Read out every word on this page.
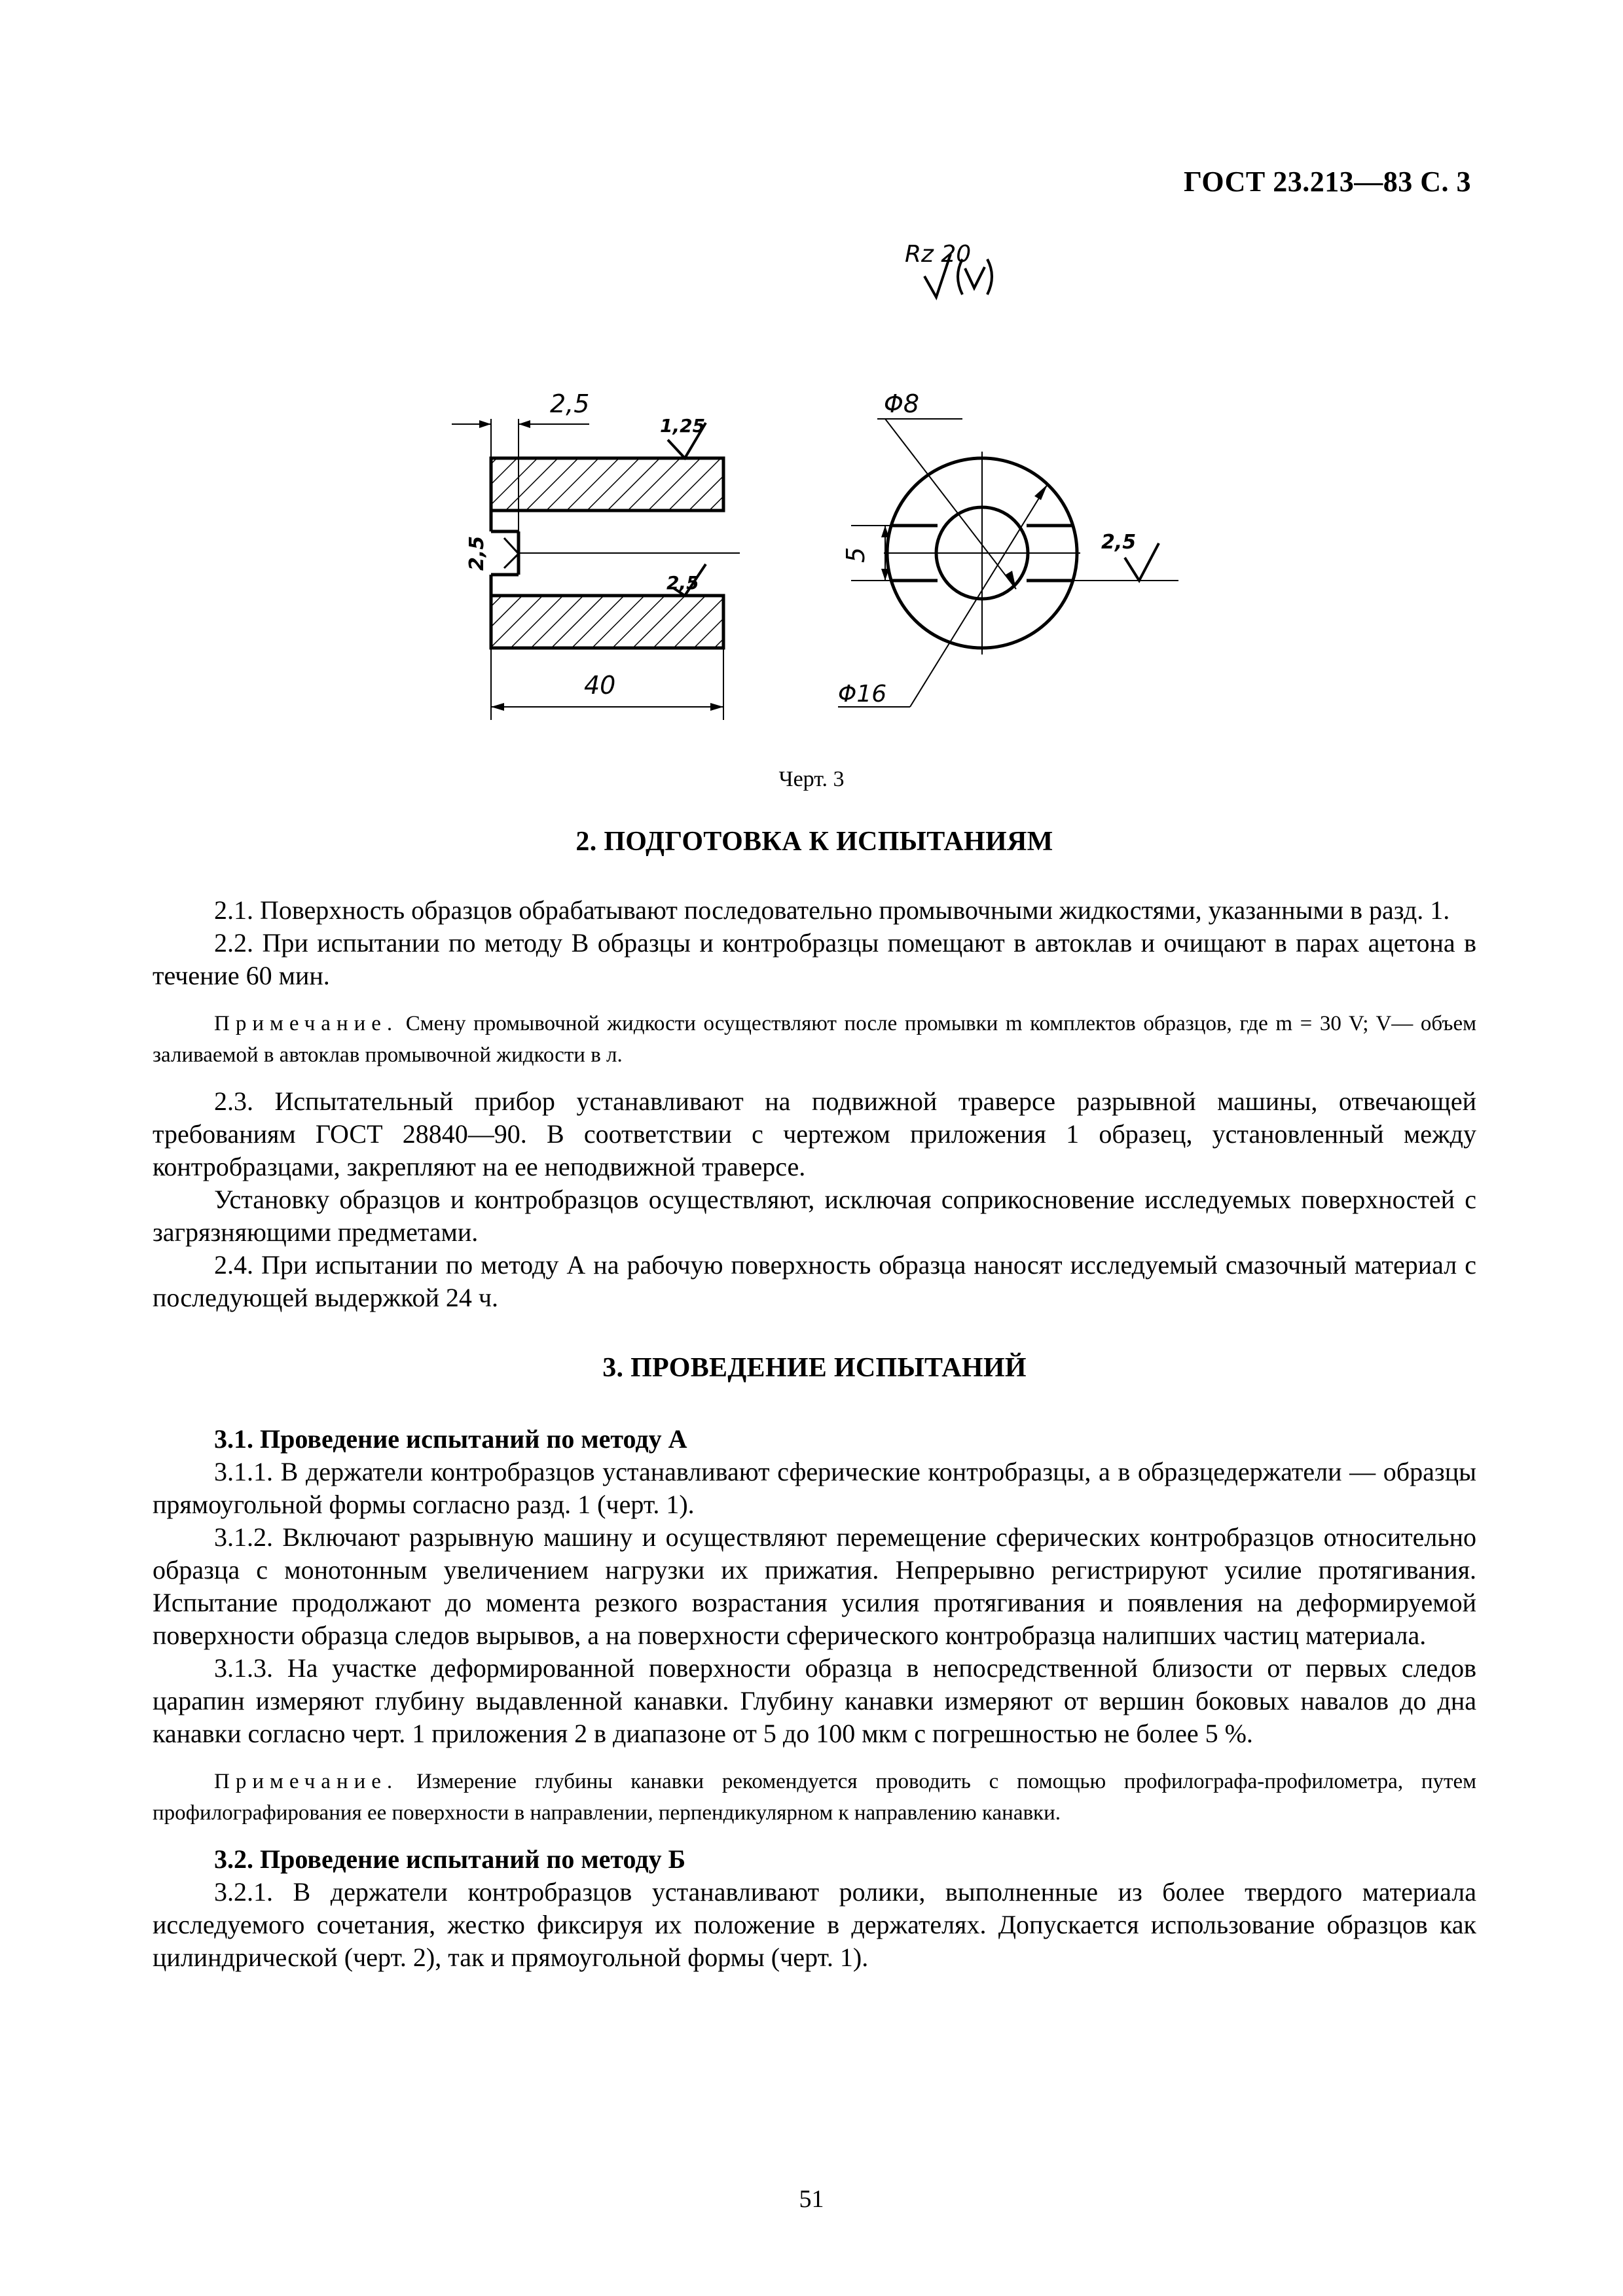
ГОСТ 23.213—83 С. 3
Rz 20
2,5
1,25
2,5
2,5
40
Φ8
Φ16
5
2,5
Черт. 3
2. ПОДГОТОВКА К ИСПЫТАНИЯМ

2.1. Поверхность образцов обрабатывают последовательно промывочными жидкостями, указанными в разд. 1.

2.2. При испытании по методу В образцы и контробразцы помещают в автоклав и очищают в парах ацетона в течение 60 мин.

Примечание. Смену промывочной жидкости осуществляют после промывки m комплектов образцов, где m = 30 V; V— объем заливаемой в автоклав промывочной жидкости в л.

2.3. Испытательный прибор устанавливают на подвижной траверсе разрывной машины, отвечающей требованиям ГОСТ 28840—90. В соответствии с чертежом приложения 1 образец, установленный между контробразцами, закрепляют на ее неподвижной траверсе.

Установку образцов и контробразцов осуществляют, исключая соприкосновение исследуемых поверхностей с загрязняющими предметами.

2.4. При испытании по методу А на рабочую поверхность образца наносят исследуемый смазочный материал с последующей выдержкой 24 ч.

3. ПРОВЕДЕНИЕ ИСПЫТАНИЙ
3.1. Проведение испытаний по методу А

3.1.1. В держатели контробразцов устанавливают сферические контробразцы, а в образцедержатели — образцы прямоугольной формы согласно разд. 1 (черт. 1).

3.1.2. Включают разрывную машину и осуществляют перемещение сферических контробразцов относительно образца с монотонным увеличением нагрузки их прижатия. Непрерывно регистрируют усилие протягивания. Испытание продолжают до момента резкого возрастания усилия протягивания и появления на деформируемой поверхности образца следов вырывов, а на поверхности сферического контробразца налипших частиц материала.

3.1.3. На участке деформированной поверхности образца в непосредственной близости от первых следов царапин измеряют глубину выдавленной канавки. Глубину канавки измеряют от вершин боковых навалов до дна канавки согласно черт. 1 приложения 2 в диапазоне от 5 до 100 мкм с погрешностью не более 5 %.

Примечание. Измерение глубины канавки рекомендуется проводить с помощью профилографа-профилометра, путем профилографирования ее поверхности в направлении, перпендикулярном к направлению канавки.

3.2. Проведение испытаний по методу Б

3.2.1. В держатели контробразцов устанавливают ролики, выполненные из более твердого материала исследуемого сочетания, жестко фиксируя их положение в держателях. Допускается использование образцов как цилиндрической (черт. 2), так и прямоугольной формы (черт. 1).

51
